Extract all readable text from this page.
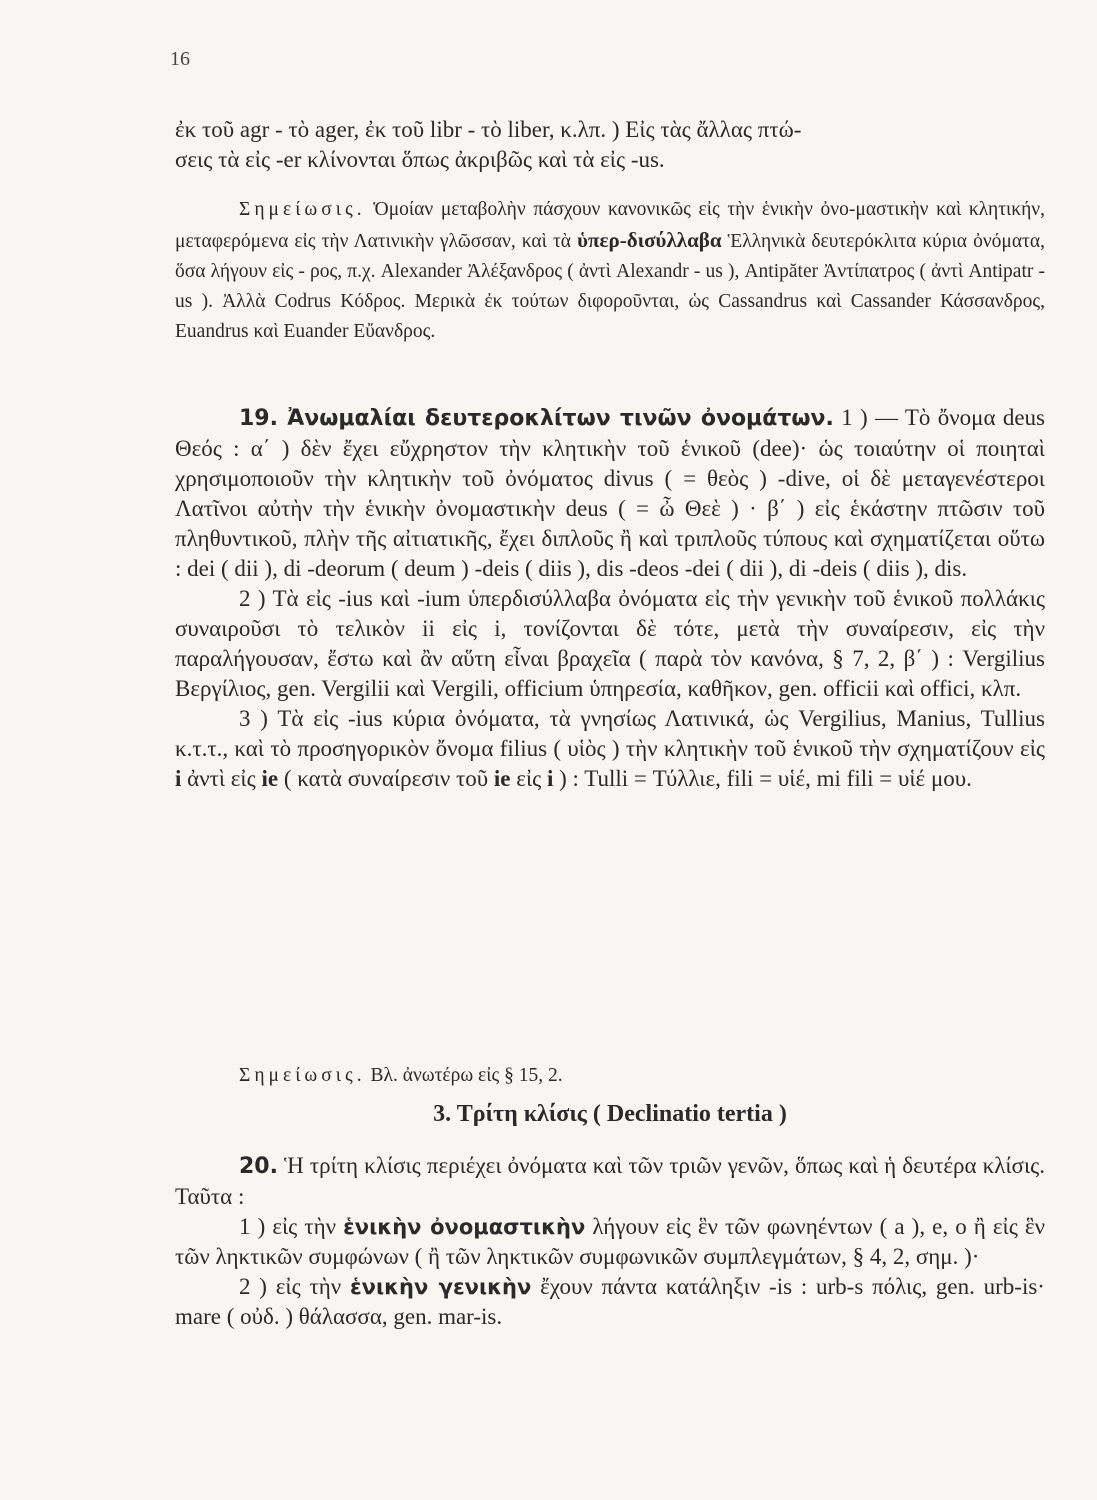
16

ἐκ τοῦ agr - τὸ ager, ἐκ τοῦ libr - τὸ liber, κ.λπ. ) Εἰς τὰς ἄλλας πτώ-

σεις τὰ εἰς -er κλίνονται ὅπως ἀκριβῶς καὶ τὰ εἰς -us.

Σημείωσις. Ὁμοίαν μεταβολὴν πάσχουν κανονικῶς εἰς τὴν ἑνικὴν ὀνο-μαστικὴν καὶ κλητικήν, μεταφερόμενα εἰς τὴν Λατινικὴν γλῶσσαν, καὶ τὰ ὑπερ-δισύλλαβα Ἑλληνικὰ δευτερόκλιτα κύρια ὀνόματα, ὅσα λήγουν εἰς - ρος, π.χ. Alexander Ἀλέξανδρος ( ἀντὶ Alexandr - us ), Antipăter Ἀντίπατρος ( ἀντὶ Antipatr - us ). Ἀλλὰ Codrus Κόδρος. Μερικὰ ἐκ τούτων διφοροῦνται, ὡς Cassandrus καὶ Cassander Κάσσανδρος, Euandrus καὶ Euander Εὔανδρος.

19. Ἀνωμαλίαι δευτεροκλίτων τινῶν ὀνομάτων. 1 ) — Τὸ ὄνομα deus Θεός : α΄ ) δὲν ἔχει εὔχρηστον τὴν κλητικὴν τοῦ ἑνικοῦ (dee)· ὡς τοιαύτην οἱ ποιηταὶ χρησιμοποιοῦν τὴν κλητικὴν τοῦ ὀνόματος divus ( = θεὸς ) -dive, οἱ δὲ μεταγενέστεροι Λατῖνοι αὐτὴν τὴν ἑνικὴν ὀνομαστικὴν deus ( = ὦ Θεὲ ) · β΄ ) εἰς ἑκάστην πτῶσιν τοῦ πληθυντικοῦ, πλὴν τῆς αἰτιατικῆς, ἔχει διπλοῦς ἢ καὶ τριπλοῦς τύπους καὶ σχηματίζεται οὕτω : dei ( dii ), di -deorum ( deum ) -deis ( diis ), dis -deos -dei ( dii ), di -deis ( diis ), dis.

2 ) Τὰ εἰς -ius καὶ -ium ὑπερδισύλλαβα ὀνόματα εἰς τὴν γενικὴν τοῦ ἑνικοῦ πολλάκις συναιροῦσι τὸ τελικὸν ii εἰς i, τονίζονται δὲ τότε, μετὰ τὴν συναίρεσιν, εἰς τὴν παραλήγουσαν, ἔστω καὶ ἂν αὕτη εἶναι βραχεῖα ( παρὰ τὸν κανόνα, § 7, 2, β΄ ) : Vergilius Βεργίλιος, gen. Vergilii καὶ Vergili, officium ὑπηρεσία, καθῆκον, gen. officii καὶ offici, κλπ.

3 ) Τὰ εἰς -ius κύρια ὀνόματα, τὰ γνησίως Λατινικά, ὡς Vergilius, Manius, Tullius κ.τ.τ., καὶ τὸ προσηγορικὸν ὄνομα filius ( υἱὸς ) τὴν κλητικὴν τοῦ ἑνικοῦ τὴν σχηματίζουν εἰς i ἀντὶ εἰς ie ( κατὰ συναίρεσιν τοῦ ie εἰς i ) : Tulli = Τύλλιε, fili = υἱέ, mi fili = υἱέ μου.

Σημείωσις. Βλ. ἀνωτέρω εἰς § 15, 2.

3. Τρίτη κλίσις ( Declinatio tertia )

20. Ἡ τρίτη κλίσις περιέχει ὀνόματα καὶ τῶν τριῶν γενῶν, ὅπως καὶ ἡ δευτέρα κλίσις. Ταῦτα :

1 ) εἰς τὴν ἑνικὴν ὀνομαστικὴν λήγουν εἰς ἓν τῶν φωνηέντων ( a ), e, o ἢ εἰς ἓν τῶν ληκτικῶν συμφώνων ( ἢ τῶν ληκτικῶν συμφωνικῶν συμπλεγμάτων, § 4, 2, σημ. )·

2 ) εἰς τὴν ἑνικὴν γενικὴν ἔχουν πάντα κατάληξιν -is : urb-s πόλις, gen. urb-is· mare ( οὐδ. ) θάλασσα, gen. mar-is.
